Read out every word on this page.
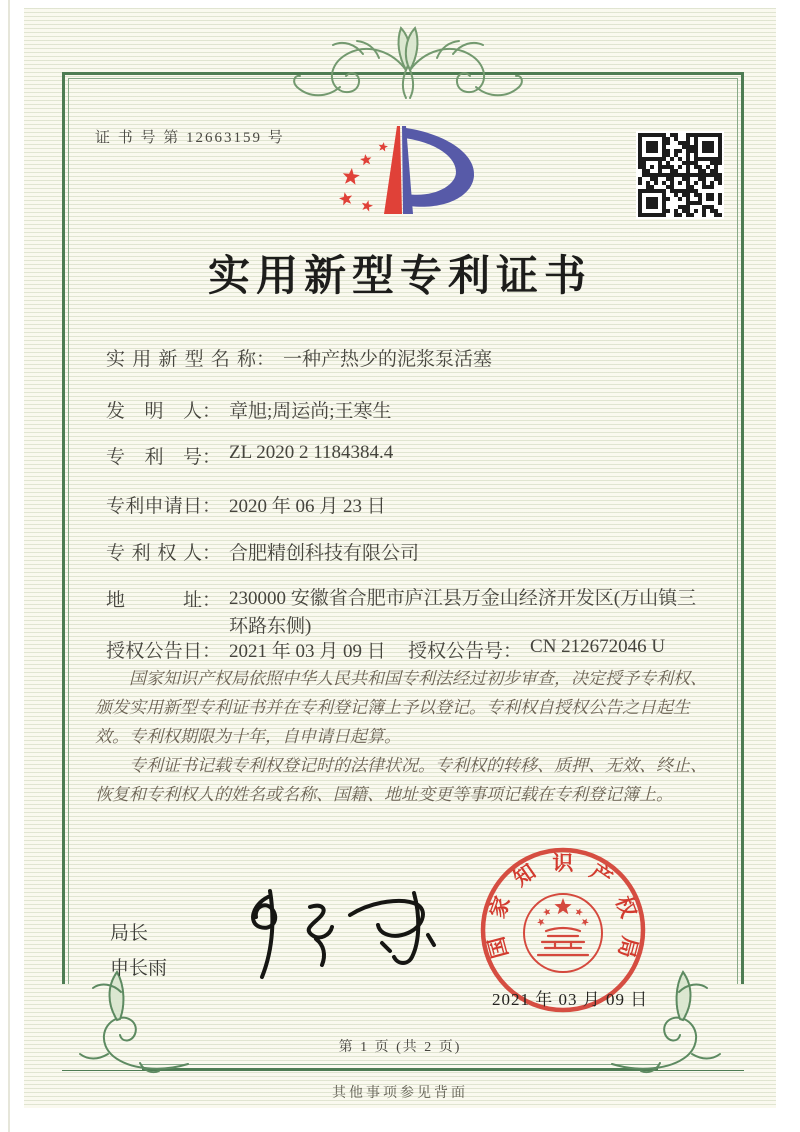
证 书 号 第 12663159 号
实用新型专利证书
实用新型名称： 一种产热少的泥浆泵活塞
发明人： 章旭;周运尚;王寒生
专利号： ZL 2020 2 1184384.4
专利申请日： 2020 年 06 月 23 日
专利权人： 合肥精创科技有限公司
地址： 230000 安徽省合肥市庐江县万金山经济开发区(万山镇三
环路东侧)
授权公告日： 2021 年 03 月 09 日 授权公告号： CN 212672046 U

国家知识产权局依照中华人民共和国专利法经过初步审查，决定授予专利权、颁发实用新型专利证书并在专利登记簿上予以登记。专利权自授权公告之日起生效。专利权期限为十年，自申请日起算。

专利证书记载专利权登记时的法律状况。专利权的转移、质押、无效、终止、恢复和专利权人的姓名或名称、国籍、地址变更等事项记载在专利登记簿上。

局长
申长雨
国家知识产权局
2021 年 03 月 09 日
第 1 页 (共 2 页)
其他事项参见背面
